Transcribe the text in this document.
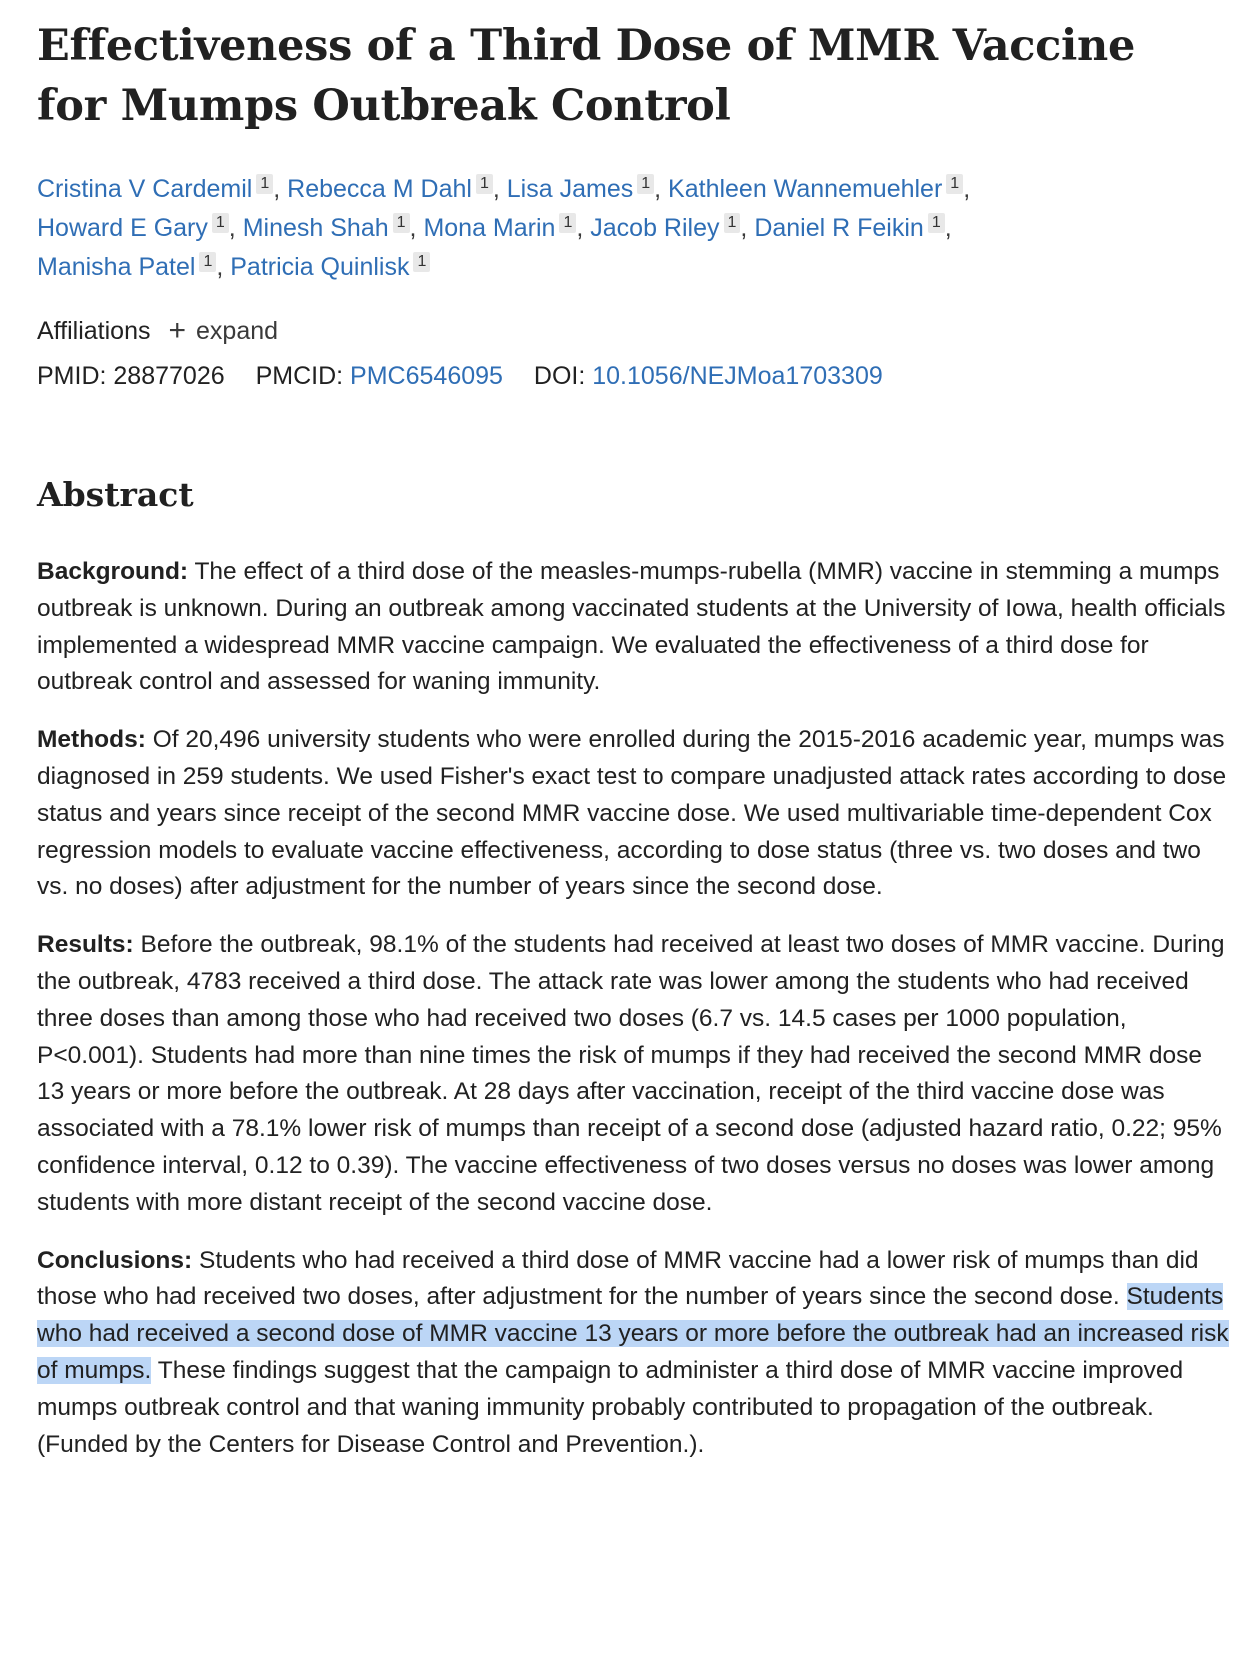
Effectiveness of a Third Dose of MMR Vaccine for Mumps Outbreak Control
Cristina V Cardemil 1 , Rebecca M Dahl 1 , Lisa James 1 , Kathleen Wannemuehler 1 ,
Howard E Gary 1 , Minesh Shah 1 , Mona Marin 1 , Jacob Riley 1 , Daniel R Feikin 1 ,
Manisha Patel 1 , Patricia Quinlisk 1
Affiliations + expand
PMID: 28877026 PMCID: PMC6546095 DOI: 10.1056/NEJMoa1703309
Abstract

Background: The effect of a third dose of the measles-mumps-rubella (MMR) vaccine in stemming a mumps outbreak is unknown. During an outbreak among vaccinated students at the University of Iowa, health officials implemented a widespread MMR vaccine campaign. We evaluated the effectiveness of a third dose for outbreak control and assessed for waning immunity.

Methods: Of 20,496 university students who were enrolled during the 2015-2016 academic year, mumps was diagnosed in 259 students. We used Fisher's exact test to compare unadjusted attack rates according to dose status and years since receipt of the second MMR vaccine dose. We used multivariable time-dependent Cox regression models to evaluate vaccine effectiveness, according to dose status (three vs. two doses and two vs. no doses) after adjustment for the number of years since the second dose.

Results: Before the outbreak, 98.1% of the students had received at least two doses of MMR vaccine. During the outbreak, 4783 received a third dose. The attack rate was lower among the students who had received three doses than among those who had received two doses (6.7 vs. 14.5 cases per 1000 population, P<0.001). Students had more than nine times the risk of mumps if they had received the second MMR dose 13 years or more before the outbreak. At 28 days after vaccination, receipt of the third vaccine dose was associated with a 78.1% lower risk of mumps than receipt of a second dose (adjusted hazard ratio, 0.22; 95% confidence interval, 0.12 to 0.39). The vaccine effectiveness of two doses versus no doses was lower among students with more distant receipt of the second vaccine dose.

Conclusions: Students who had received a third dose of MMR vaccine had a lower risk of mumps than did those who had received two doses, after adjustment for the number of years since the second dose. Students who had received a second dose of MMR vaccine 13 years or more before the outbreak had an increased risk of mumps. These findings suggest that the campaign to administer a third dose of MMR vaccine improved mumps outbreak control and that waning immunity probably contributed to propagation of the outbreak. (Funded by the Centers for Disease Control and Prevention.).
